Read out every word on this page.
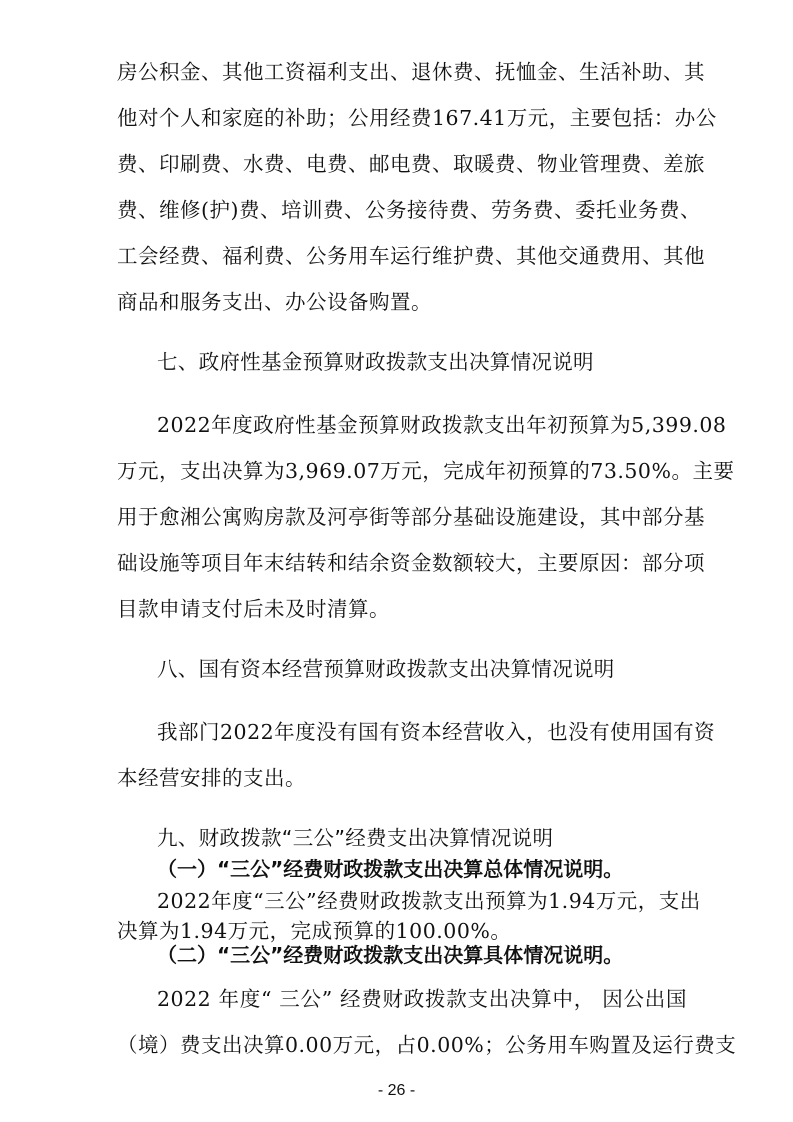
房公积金、其他工资福利支出、退休费、抚恤金、生活补助、其
他对个人和家庭的补助；公用经费167.41万元，主要包括：办公
费、印刷费、水费、电费、邮电费、取暖费、物业管理费、差旅
费、维修(护)费、培训费、公务接待费、劳务费、委托业务费、
工会经费、福利费、公务用车运行维护费、其他交通费用、其他
商品和服务支出、办公设备购置。
七、政府性基金预算财政拨款支出决算情况说明
2022年度政府性基金预算财政拨款支出年初预算为5,399.08
万元，支出决算为3,969.07万元，完成年初预算的73.50%。主要
用于愈湘公寓购房款及河亭街等部分基础设施建设，其中部分基
础设施等项目年末结转和结余资金数额较大，主要原因：部分项
目款申请支付后未及时清算。
八、国有资本经营预算财政拨款支出决算情况说明
我部门2022年度没有国有资本经营收入，也没有使用国有资
本经营安排的支出。
九、财政拨款“三公”经费支出决算情况说明
（一）“三公”经费财政拨款支出决算总体情况说明。
2022年度“三公”经费财政拨款支出预算为1.94万元，支出
决算为1.94万元，完成预算的100.00%。
（二）“三公”经费财政拨款支出决算具体情况说明。
- 26 -
2022 年度“ 三公” 经费财政拨款支出决算中， 因公出国
（境）费支出决算0.00万元，占0.00%；公务用车购置及运行费支
